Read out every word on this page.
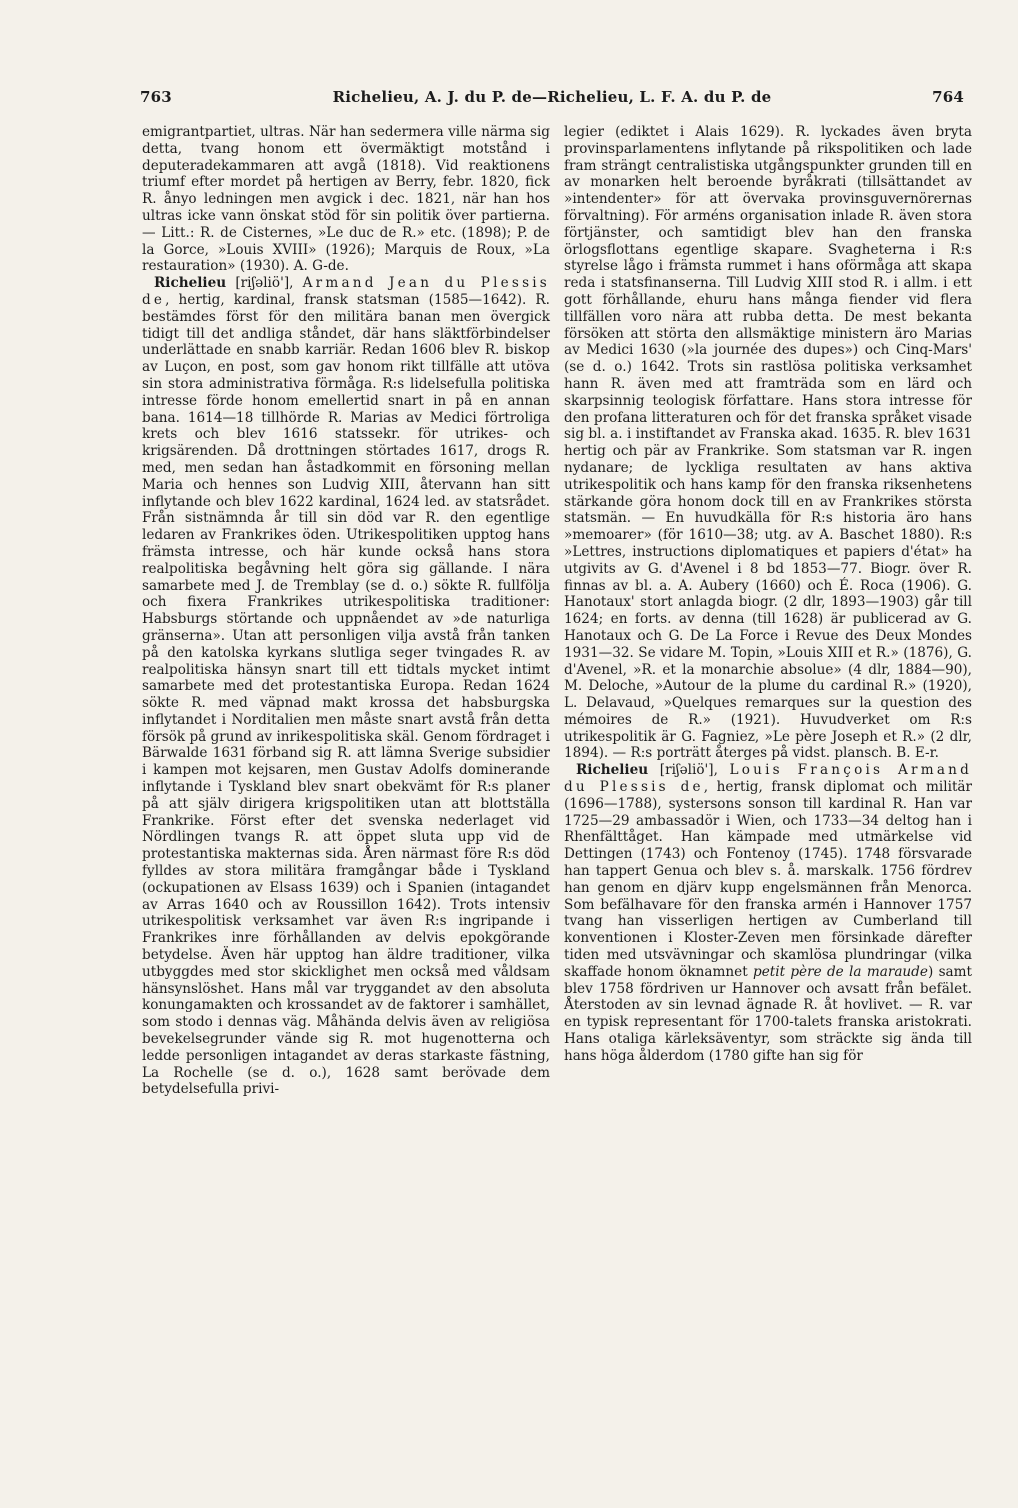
763	Richelieu, A. J. du P. de—Richelieu, L. F. A. du P. de	764

emigrantpartiet, ultras. När han sedermera ville närma sig detta, tvang honom ett övermäktigt motstånd i deputeradekammaren att avgå (1818). Vid reaktionens triumf efter mordet på hertigen av Berry, febr. 1820, fick R. ånyo ledningen men avgick i dec. 1821, när han hos ultras icke vann önskat stöd för sin politik över partierna. — Litt.: R. de Cisternes, »Le duc de R.» etc. (1898); P. de la Gorce, »Louis XVIII» (1926); Marquis de Roux, »La restauration» (1930). A. G-de.

Richelieu [riʃəliö'], Armand Jean du Plessis de, hertig, kardinal, fransk statsman (1585—1642). R. bestämdes först för den militära banan men övergick tidigt till det andliga ståndet, där hans släktförbindelser underlättade en snabb karriär. Redan 1606 blev R. biskop av Luçon, en post, som gav honom rikt tillfälle att utöva sin stora administrativa förmåga. R:s lidelsefulla politiska intresse förde honom emellertid snart in på en annan bana. 1614—18 tillhörde R. Marias av Medici förtroliga krets och blev 1616 statssekr. för utrikes- och krigsärenden. Då drottningen störtades 1617, drogs R. med, men sedan han åstadkommit en försoning mellan Maria och hennes son Ludvig XIII, återvann han sitt inflytande och blev 1622 kardinal, 1624 led. av statsrådet. Från sistnämnda år till sin död var R. den egentlige ledaren av Frankrikes öden. Utrikespolitiken upptog hans främsta intresse, och här kunde också hans stora realpolitiska begåvning helt göra sig gällande. I nära samarbete med J. de Tremblay (se d. o.) sökte R. fullfölja och fixera Frankrikes utrikespolitiska traditioner: Habsburgs störtande och uppnåendet av »de naturliga gränserna». Utan att personligen vilja avstå från tanken på den katolska kyrkans slutliga seger tvingades R. av realpolitiska hänsyn snart till ett tidtals mycket intimt samarbete med det protestantiska Europa. Redan 1624 sökte R. med väpnad makt krossa det habsburgska inflytandet i Norditalien men måste snart avstå från detta försök på grund av inrikespolitiska skäl. Genom fördraget i Bärwalde 1631 förband sig R. att lämna Sverige subsidier i kampen mot kejsaren, men Gustav Adolfs dominerande inflytande i Tyskland blev snart obekvämt för R:s planer på att själv dirigera krigspolitiken utan att blottställa Frankrike. Först efter det svenska nederlaget vid Nördlingen tvangs R. att öppet sluta upp vid de protestantiska makternas sida. Åren närmast före R:s död fylldes av stora militära framgångar både i Tyskland (ockupationen av Elsass 1639) och i Spanien (intagandet av Arras 1640 och av Roussillon 1642). Trots intensiv utrikespolitisk verksamhet var även R:s ingripande i Frankrikes inre förhållanden av delvis epokgörande betydelse. Även här upptog han äldre traditioner, vilka utbyggdes med stor skicklighet men också med våldsam hänsynslöshet. Hans mål var tryggandet av den absoluta konungamakten och krossandet av de faktorer i samhället, som stodo i dennas väg. Måhända delvis även av religiösa bevekelsegrunder vände sig R. mot hugenotterna och ledde personligen intagandet av deras starkaste fästning, La Rochelle (se d. o.), 1628 samt berövade dem betydelsefulla privi-

legier (ediktet i Alais 1629). R. lyckades även bryta provinsparlamentens inflytande på rikspolitiken och lade fram strängt centralistiska utgångspunkter grunden till en av monarken helt beroende byråkrati (tillsättandet av »intendenter» för att övervaka provinsguvernörernas förvaltning). För arméns organisation inlade R. även stora förtjänster, och samtidigt blev han den franska örlogsflottans egentlige skapare. Svagheterna i R:s styrelse lågo i främsta rummet i hans oförmåga att skapa reda i statsfinanserna. Till Ludvig XIII stod R. i allm. i ett gott förhållande, ehuru hans många fiender vid flera tillfällen voro nära att rubba detta. De mest bekanta försöken att störta den allsmäktige ministern äro Marias av Medici 1630 (»la journée des dupes») och Cinq-Mars' (se d. o.) 1642. Trots sin rastlösa politiska verksamhet hann R. även med att framträda som en lärd och skarpsinnig teologisk författare. Hans stora intresse för den profana litteraturen och för det franska språket visade sig bl. a. i instiftandet av Franska akad. 1635. R. blev 1631 hertig och pär av Frankrike. Som statsman var R. ingen nydanare; de lyckliga resultaten av hans aktiva utrikespolitik och hans kamp för den franska riksenhetens stärkande göra honom dock till en av Frankrikes största statsmän. — En huvudkälla för R:s historia äro hans »memoarer» (för 1610—38; utg. av A. Baschet 1880). R:s »Lettres, instructions diplomatiques et papiers d'état» ha utgivits av G. d'Avenel i 8 bd 1853—77. Biogr. över R. finnas av bl. a. A. Aubery (1660) och É. Roca (1906). G. Hanotaux' stort anlagda biogr. (2 dlr, 1893—1903) går till 1624; en forts. av denna (till 1628) är publicerad av G. Hanotaux och G. De La Force i Revue des Deux Mondes 1931—32. Se vidare M. Topin, »Louis XIII et R.» (1876), G. d'Avenel, »R. et la monarchie absolue» (4 dlr, 1884—90), M. Deloche, »Autour de la plume du cardinal R.» (1920), L. Delavaud, »Quelques remarques sur la question des mémoires de R.» (1921). Huvudverket om R:s utrikespolitik är G. Fagniez, »Le père Joseph et R.» (2 dlr, 1894). — R:s porträtt återges på vidst. plansch. B. E-r.

Richelieu [riʃəliö'], Louis François Armand du Plessis de, hertig, fransk diplomat och militär (1696—1788), systersons sonson till kardinal R. Han var 1725—29 ambassadör i Wien, och 1733—34 deltog han i Rhenfälttåget. Han kämpade med utmärkelse vid Dettingen (1743) och Fontenoy (1745). 1748 försvarade han tappert Genua och blev s. å. marskalk. 1756 fördrev han genom en djärv kupp engelsmännen från Menorca. Som befälhavare för den franska armén i Hannover 1757 tvang han visserligen hertigen av Cumberland till konventionen i Kloster-Zeven men försinkade därefter tiden med utsvävningar och skamlösa plundringar (vilka skaffade honom öknamnet petit père de la maraude) samt blev 1758 fördriven ur Hannover och avsatt från befälet. Återstoden av sin levnad ägnade R. åt hovlivet. — R. var en typisk representant för 1700-talets franska aristokrati. Hans otaliga kärleksäventyr, som sträckte sig ända till hans höga ålderdom (1780 gifte han sig för
